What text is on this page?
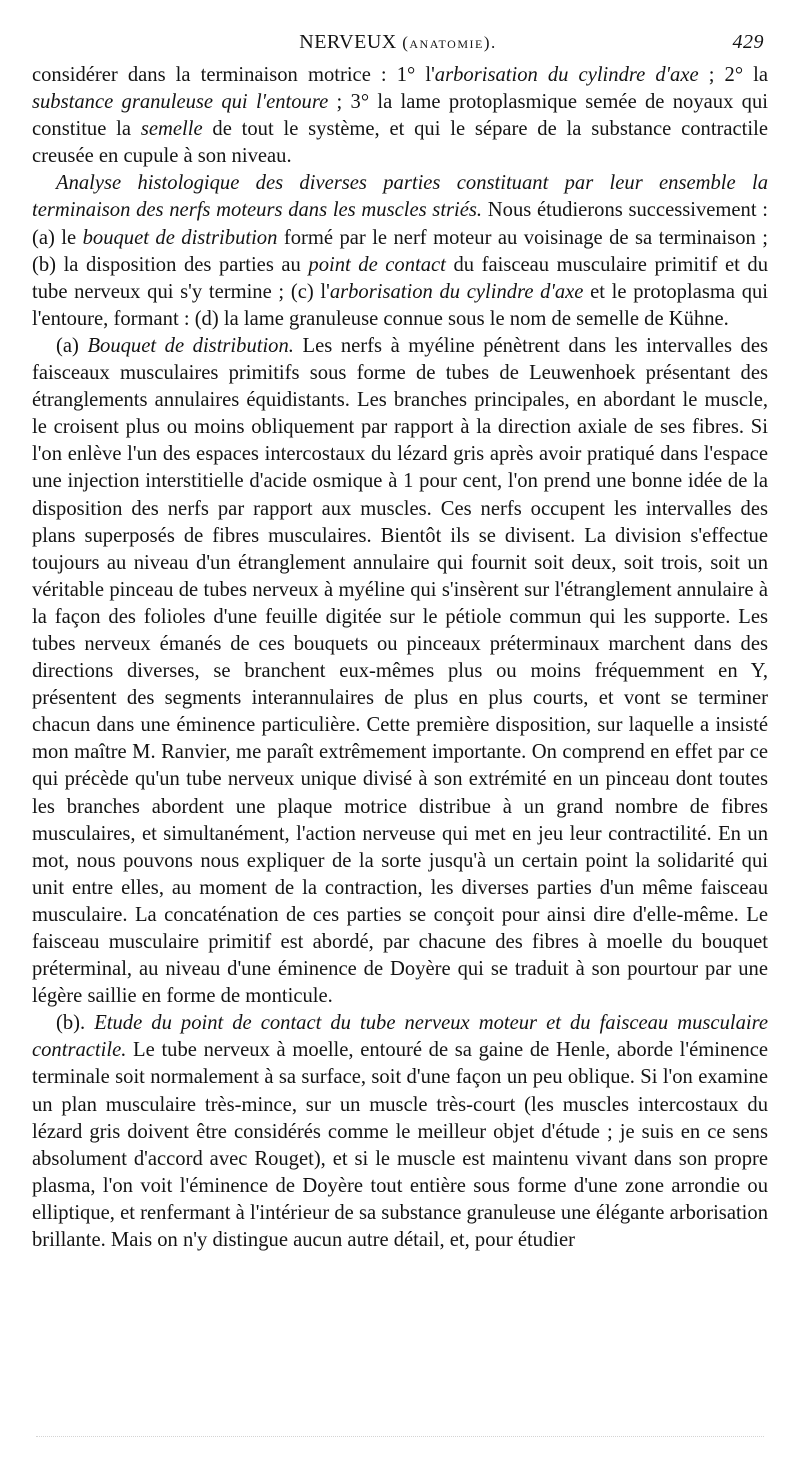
NERVEUX (anatomie).	429

considérer dans la terminaison motrice : 1° l'arborisation du cylindre d'axe ; 2° la substance granuleuse qui l'entoure ; 3° la lame protoplasmique semée de noyaux qui constitue la semelle de tout le système, et qui le sépare de la substance contractile creusée en cupule à son niveau.

Analyse histologique des diverses parties constituant par leur ensemble la terminaison des nerfs moteurs dans les muscles striés. Nous étudierons successivement : (a) le bouquet de distribution formé par le nerf moteur au voisinage de sa terminaison ; (b) la disposition des parties au point de contact du faisceau musculaire primitif et du tube nerveux qui s'y termine ; (c) l'arborisation du cylindre d'axe et le protoplasma qui l'entoure, formant : (d) la lame granuleuse connue sous le nom de semelle de Kühne.

(a) Bouquet de distribution. Les nerfs à myéline pénètrent dans les intervalles des faisceaux musculaires primitifs sous forme de tubes de Leuwenhoek présentant des étranglements annulaires équidistants. Les branches principales, en abordant le muscle, le croisent plus ou moins obliquement par rapport à la direction axiale de ses fibres. Si l'on enlève l'un des espaces intercostaux du lézard gris après avoir pratiqué dans l'espace une injection interstitielle d'acide osmique à 1 pour cent, l'on prend une bonne idée de la disposition des nerfs par rapport aux muscles. Ces nerfs occupent les intervalles des plans superposés de fibres musculaires. Bientôt ils se divisent. La division s'effectue toujours au niveau d'un étranglement annulaire qui fournit soit deux, soit trois, soit un véritable pinceau de tubes nerveux à myéline qui s'insèrent sur l'étranglement annulaire à la façon des folioles d'une feuille digitée sur le pétiole commun qui les supporte. Les tubes nerveux émanés de ces bouquets ou pinceaux préterminaux marchent dans des directions diverses, se branchent eux-mêmes plus ou moins fréquemment en Y, présentent des segments interannulaires de plus en plus courts, et vont se terminer chacun dans une éminence particulière. Cette première disposition, sur laquelle a insisté mon maître M. Ranvier, me paraît extrêmement importante. On comprend en effet par ce qui précède qu'un tube nerveux unique divisé à son extrémité en un pinceau dont toutes les branches abordent une plaque motrice distribue à un grand nombre de fibres musculaires, et simultanément, l'action nerveuse qui met en jeu leur contractilité. En un mot, nous pouvons nous expliquer de la sorte jusqu'à un certain point la solidarité qui unit entre elles, au moment de la contraction, les diverses parties d'un même faisceau musculaire. La concaténation de ces parties se conçoit pour ainsi dire d'elle-même. Le faisceau musculaire primitif est abordé, par chacune des fibres à moelle du bouquet préterminal, au niveau d'une éminence de Doyère qui se traduit à son pourtour par une légère saillie en forme de monticule.

(b). Etude du point de contact du tube nerveux moteur et du faisceau musculaire contractile. Le tube nerveux à moelle, entouré de sa gaine de Henle, aborde l'éminence terminale soit normalement à sa surface, soit d'une façon un peu oblique. Si l'on examine un plan musculaire très-mince, sur un muscle très-court (les muscles intercostaux du lézard gris doivent être considérés comme le meilleur objet d'étude ; je suis en ce sens absolument d'accord avec Rouget), et si le muscle est maintenu vivant dans son propre plasma, l'on voit l'éminence de Doyère tout entière sous forme d'une zone arrondie ou elliptique, et renfermant à l'intérieur de sa substance granuleuse une élégante arborisation brillante. Mais on n'y distingue aucun autre détail, et, pour étudier
